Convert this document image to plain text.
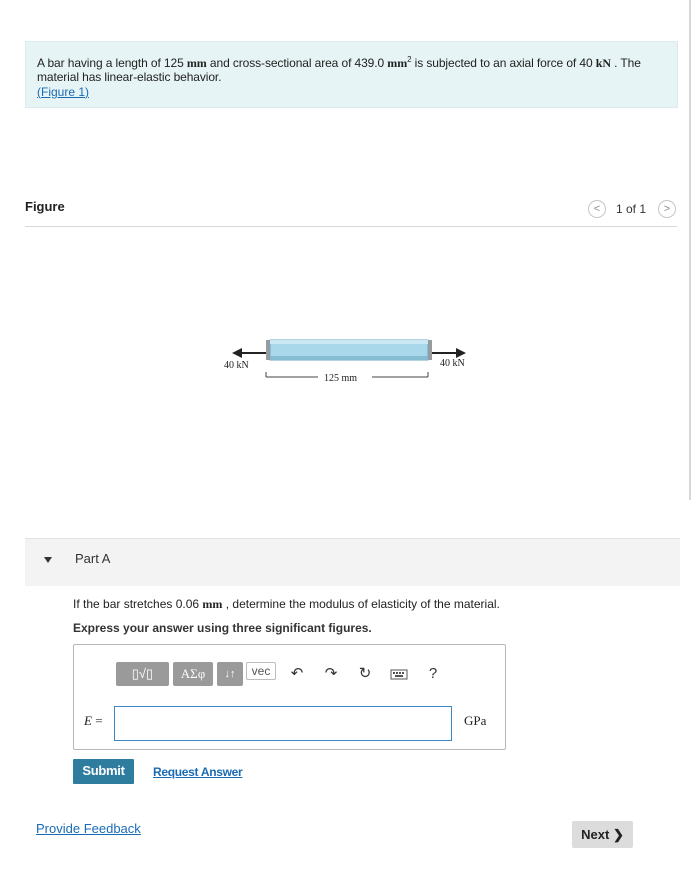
A bar having a length of 125 mm and cross-sectional area of 439.0 $mm^2$ is subjected to an axial force of 40 kN . The
material has linear-elastic behavior.

(Figure 1)
Figure	<	1 of 1	>
40 kN	40 kN
125 mm
Part A
If the bar stretches 0.06 mm , determine the modulus of elasticity of the material.
Express your answer using three significant figures.
▯√▯	ΑΣφ	↓↑	vec	↶ ↷ ↻	?
E =	GPa
Submit	Request Answer
Provide Feedback	Next ❯
